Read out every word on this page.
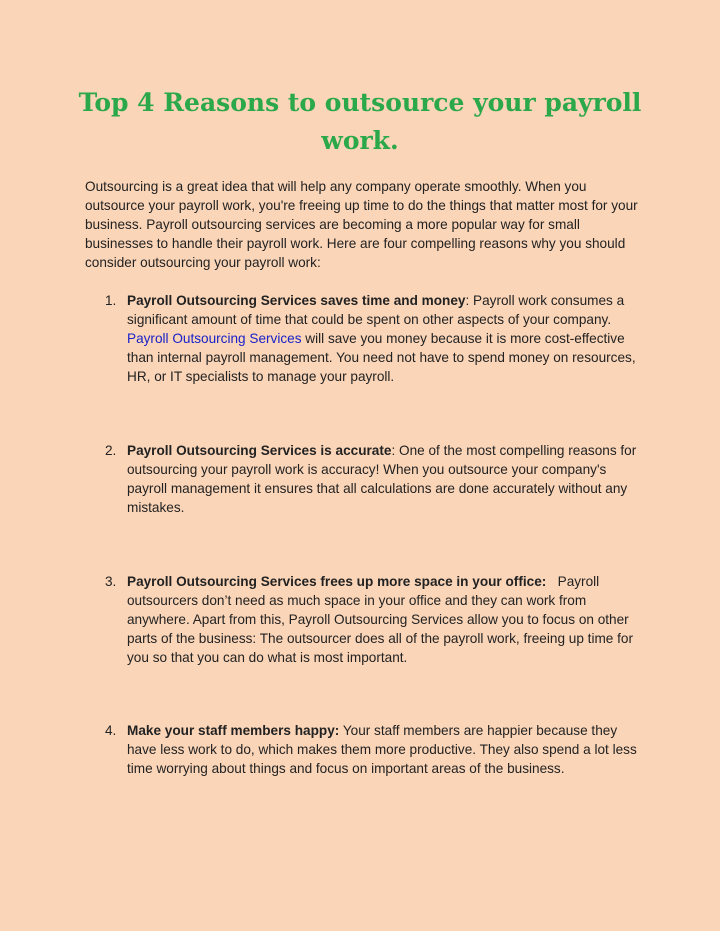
Top 4 Reasons to outsource your payroll work.

Outsourcing is a great idea that will help any company operate smoothly. When you outsource your payroll work, you're freeing up time to do the things that matter most for your business. Payroll outsourcing services are becoming a more popular way for small businesses to handle their payroll work. Here are four compelling reasons why you should consider outsourcing your payroll work:

1. Payroll Outsourcing Services saves time and money: Payroll work consumes a significant amount of time that could be spent on other aspects of your company. Payroll Outsourcing Services will save you money because it is more cost-effective than internal payroll management. You need not have to spend money on resources, HR, or IT specialists to manage your payroll.
2. Payroll Outsourcing Services is accurate: One of the most compelling reasons for outsourcing your payroll work is accuracy! When you outsource your company's payroll management it ensures that all calculations are done accurately without any mistakes.
3. Payroll Outsourcing Services frees up more space in your office: Payroll outsourcers don’t need as much space in your office and they can work from anywhere. Apart from this, Payroll Outsourcing Services allow you to focus on other parts of the business: The outsourcer does all of the payroll work, freeing up time for you so that you can do what is most important.
4. Make your staff members happy: Your staff members are happier because they have less work to do, which makes them more productive. They also spend a lot less time worrying about things and focus on important areas of the business.
